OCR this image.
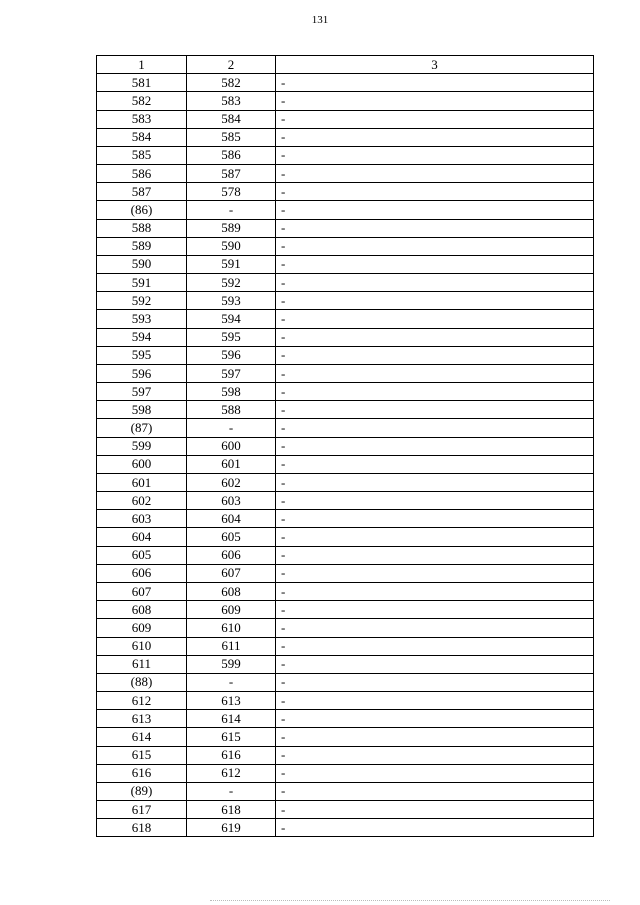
131
1	2	3
581	582	-
582	583	-
583	584	-
584	585	-
585	586	-
586	587	-
587	578	-
(86)	-	-
588	589	-
589	590	-
590	591	-
591	592	-
592	593	-
593	594	-
594	595	-
595	596	-
596	597	-
597	598	-
598	588	-
(87)	-	-
599	600	-
600	601	-
601	602	-
602	603	-
603	604	-
604	605	-
605	606	-
606	607	-
607	608	-
608	609	-
609	610	-
610	611	-
611	599	-
(88)	-	-
612	613	-
613	614	-
614	615	-
615	616	-
616	612	-
(89)	-	-
617	618	-
618	619	-
